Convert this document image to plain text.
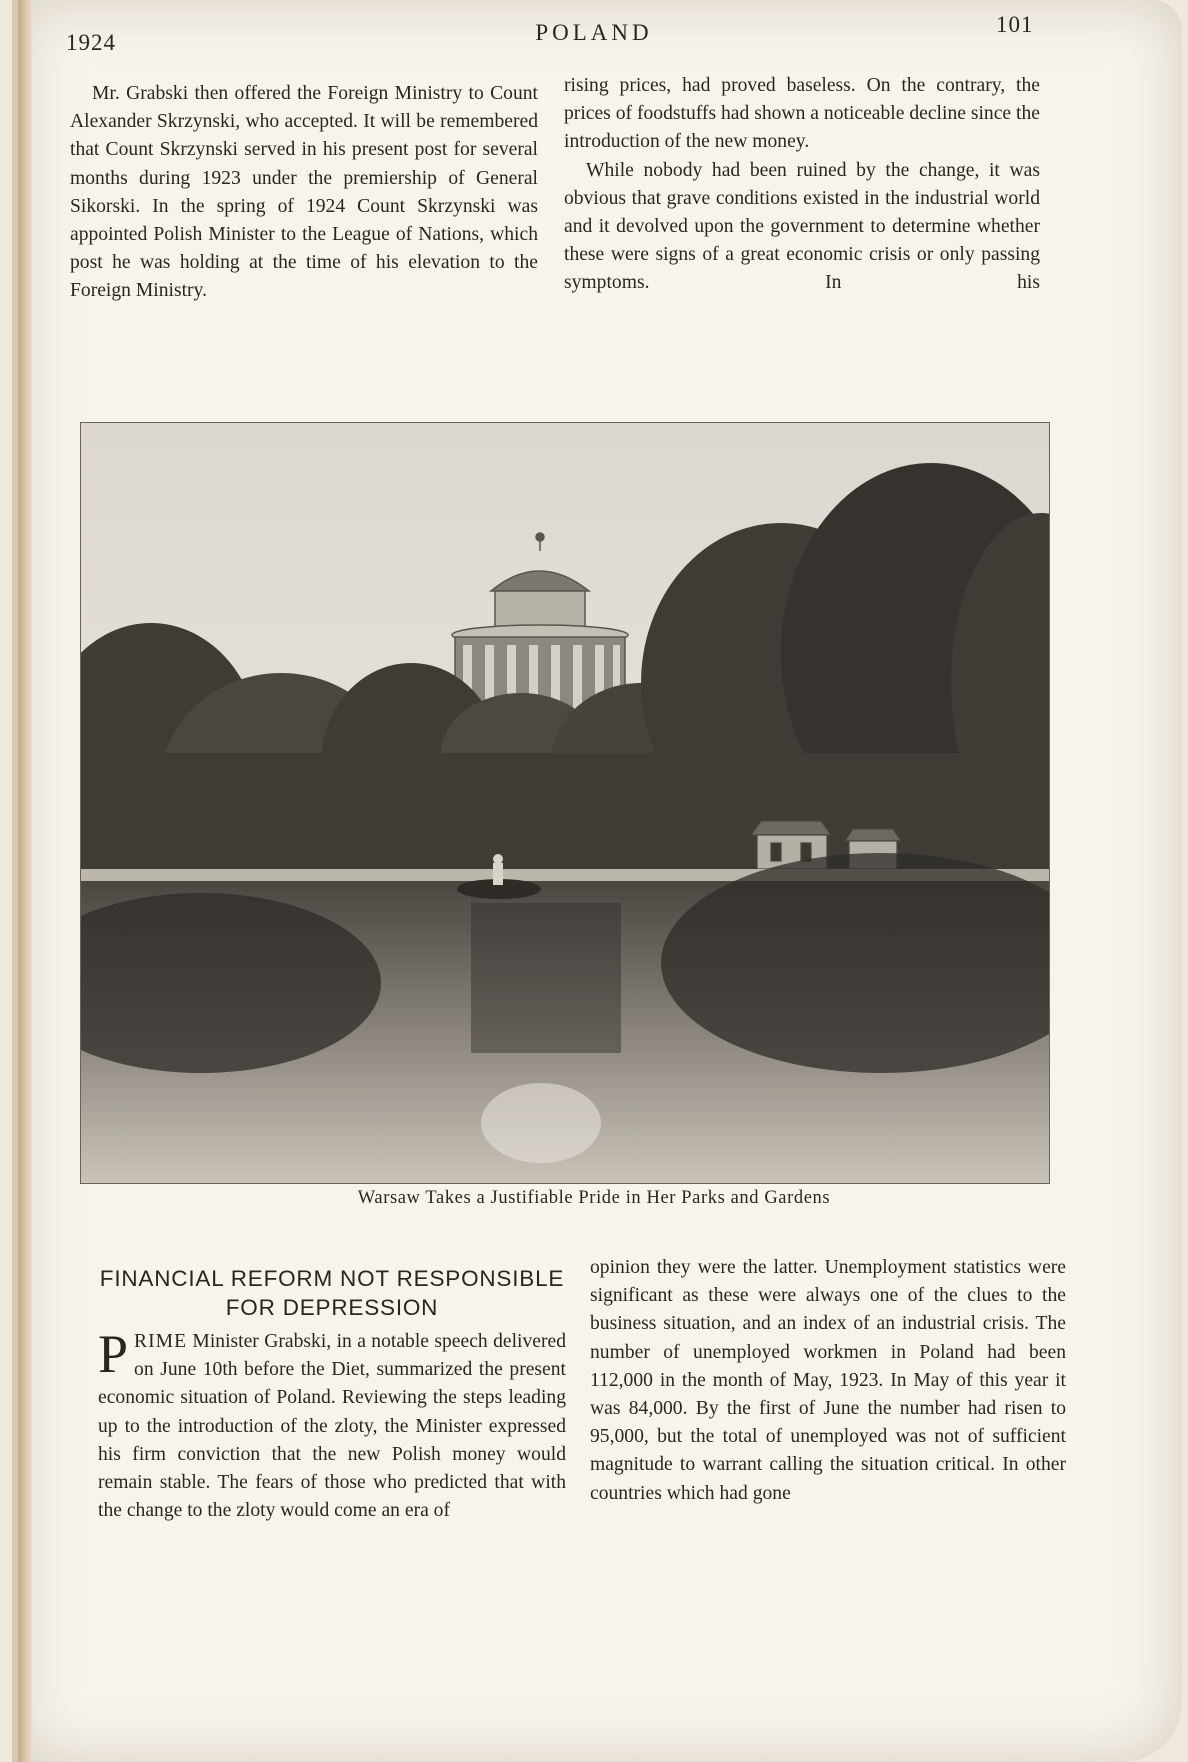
1924	POLAND	101

Mr. Grabski then offered the Foreign Ministry to Count Alexander Skrzynski, who accepted. It will be remembered that Count Skrzynski served in his present post for several months during 1923 under the premiership of General Sikorski. In the spring of 1924 Count Skrzynski was appointed Polish Minister to the League of Nations, which post he was holding at the time of his elevation to the Foreign Ministry.

rising prices, had proved baseless. On the contrary, the prices of foodstuffs had shown a noticeable decline since the introduction of the new money.

While nobody had been ruined by the change, it was obvious that grave conditions existed in the industrial world and it devolved upon the government to determine whether these were signs of a great economic crisis or only passing symptoms. In his

Warsaw Takes a Justifiable Pride in Her Parks and Gardens
FINANCIAL REFORM NOT RESPONSIBLE FOR DEPRESSION

PRIME Minister Grabski, in a notable speech delivered on June 10th before the Diet, summarized the present economic situation of Poland. Reviewing the steps leading up to the introduction of the zloty, the Minister expressed his firm conviction that the new Polish money would remain stable. The fears of those who predicted that with the change to the zloty would come an era of

opinion they were the latter. Unemployment statistics were significant as these were always one of the clues to the business situation, and an index of an industrial crisis. The number of unemployed workmen in Poland had been 112,000 in the month of May, 1923. In May of this year it was 84,000. By the first of June the number had risen to 95,000, but the total of unemployed was not of sufficient magnitude to warrant calling the situation critical. In other countries which had gone
